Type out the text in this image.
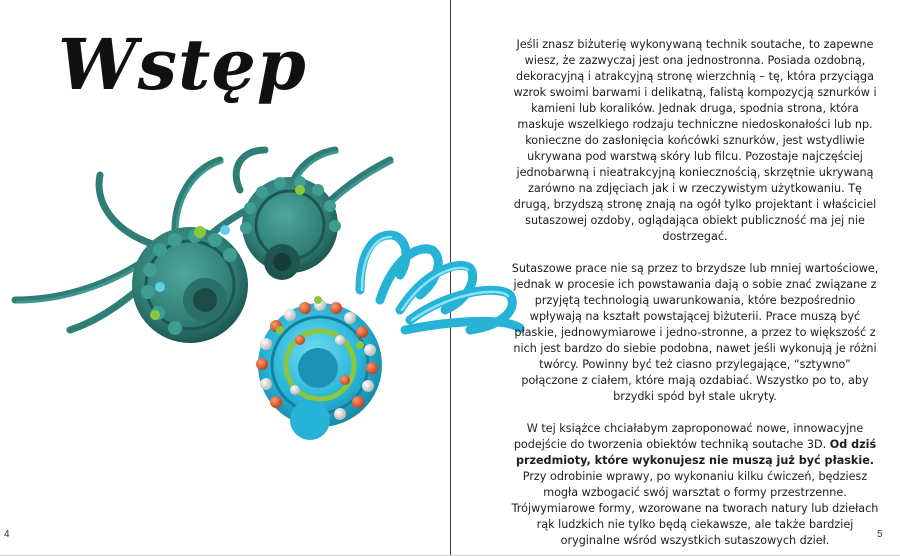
Wstęp	Jeśli znasz biżuterię wykonywaną technik soutache, to zapewne wiesz, że zazwyczaj jest ona jednostronna. Posiada ozdobną, dekoracyjną i atrakcyjną stronę wierzchnią – tę, która przyciąga wzrok swoimi barwami i delikatną, falistą kompozycją sznurków i kamieni lub koralików. Jednak druga, spodnia strona, która maskuje wszelkiego rodzaju techniczne niedoskonałości lub np. konieczne do zasłonięcia końcówki sznurków, jest wstydliwie ukrywana pod warstwą skóry lub filcu. Pozostaje najczęściej jednobarwną i nieatrakcyjną koniecznością, skrzętnie ukrywaną zarówno na zdjęciach jak i w rzeczywistym użytkowaniu. Tę drugą, brzydszą stronę znają na ogół tylko projektant i właściciel sutaszowej ozdoby, oglądająca obiekt publiczność ma jej nie dostrzegać.

Sutaszowe prace nie są przez to brzydsze lub mniej wartościowe, jednak w procesie ich powstawania dają o sobie znać związane z przyjętą technologią uwarunkowania, które bezpośrednio wpływają na kształt powstającej biżuterii. Prace muszą być płaskie, jednowymiarowe i jedno-stronne, a przez to większość z nich jest bardzo do siebie podobna, nawet jeśli wykonują je różni twórcy. Powinny być też ciasno przylegające, “sztywno” połączone z ciałem, które mają ozdabiać. Wszystko po to, aby brzydki spód był stale ukryty.

W tej książce chciałabym zaproponować nowe, innowacyjne podejście do tworzenia obiektów techniką soutache 3D. Od dziś przedmioty, które wykonujesz nie muszą już być płaskie. Przy odrobinie wprawy, po wykonaniu kilku ćwiczeń, będziesz mogła wzbogacić swój warsztat o formy przestrzenne. Trójwymiarowe formy, wzorowane na tworach natury lub dziełach rąk ludzkich nie tylko będą ciekawsze, ale także bardziej oryginalne wśród wszystkich sutaszowych dzieł.

4	5
